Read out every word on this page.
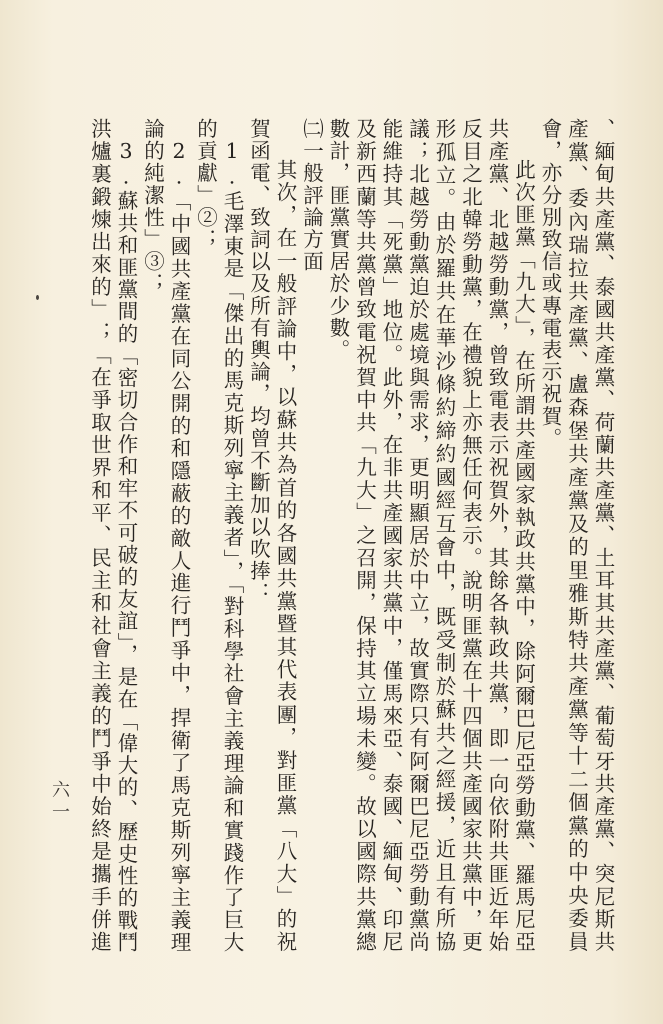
、緬甸共產黨、泰國共產黨、荷蘭共產黨、土耳其共產黨、葡萄牙共產黨、突尼斯共產黨、委內瑞拉共產黨、盧森堡共產黨及的里雅斯特共產黨等十二個黨的中央委員會，亦分別致信或專電表示祝賀。

此次匪黨「九大」，在所謂共產國家執政共黨中，除阿爾巴尼亞勞動黨、羅馬尼亞共產黨、北越勞動黨，曾致電表示祝賀外，其餘各執政共黨，即一向依附共匪近年始反目之北韓勞動黨，在禮貌上亦無任何表示。說明匪黨在十四個共產國家共黨中，更形孤立。由於羅共在華沙條約締約國經互會中，既受制於蘇共之經援，近且有所協議；北越勞動黨迫於處境與需求，更明顯居於中立，故實際只有阿爾巴尼亞勞動黨尚能維持其「死黨」地位。此外，在非共產國家共黨中，僅馬來亞、泰國、緬甸、印尼及新西蘭等共黨曾致電祝賀中共「九大」之召開，保持其立場未變。故以國際共黨總數計，匪黨實居於少數。

㈡一般評論方面

其次，在一般評論中，以蘇共為首的各國共黨暨其代表團，對匪黨「八大」的祝賀函電、致詞以及所有輿論，均曾不斷加以吹捧：

1.毛澤東是「傑出的馬克斯列寧主義者」，「對科學社會主義理論和實踐作了巨大的貢獻」②；

2.「中國共產黨在同公開的和隱蔽的敵人進行鬥爭中，捍衛了馬克斯列寧主義理論的純潔性」③；

3.蘇共和匪黨間的「密切合作和牢不可破的友誼」，是在「偉大的、歷史性的戰鬥洪爐裏鍛煉出來的」；「在爭取世界和平、民主和社會主義的鬥爭中始終是攜手併進

六一
